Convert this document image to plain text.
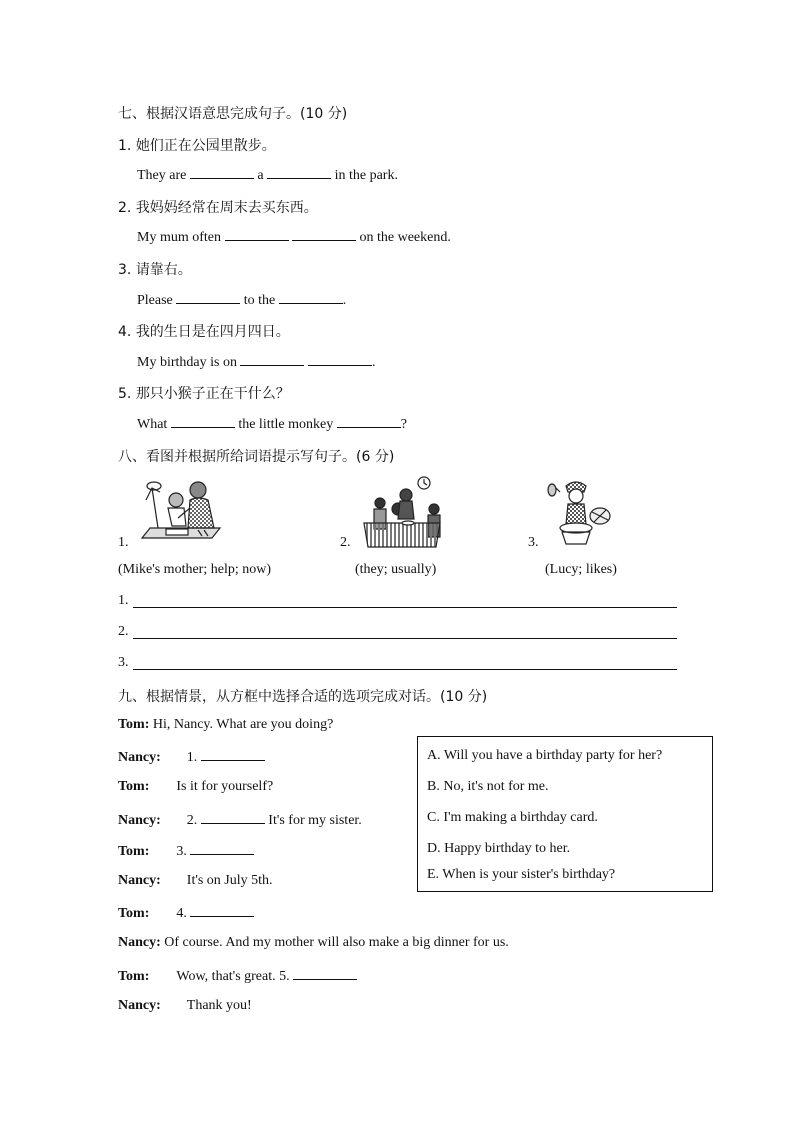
七、根据汉语意思完成句子。(10 分)
1. 她们正在公园里散步。
They are	a	in the park.
2. 我妈妈经常在周末去买东西。
My mum often	on the weekend.
3. 请靠右。
Please	to the	.
4. 我的生日是在四月四日。
My birthday is on	.
5. 那只小猴子正在干什么？
What	the little monkey	?
八、看图并根据所给词语提示写句子。(6 分)
1.
(Mike's mother; help; now)
2.
(they; usually)
3.
(Lucy; likes)
1.
2.
3.
九、根据情景，从方框中选择合适的选项完成对话。(10 分)
Tom: Hi, Nancy. What are you doing?
Nancy: 1.
Tom: Is it for yourself?
Nancy: 2.	It's for my sister.
Tom: 3.
Nancy: It's on July 5th.
Tom: 4.
Nancy: Of course. And my mother will also make a big dinner for us.
Tom: Wow, that's great. 5.
Nancy: Thank you!
A. Will you have a birthday party for her?
B. No, it's not for me.
C. I'm making a birthday card.
D. Happy birthday to her.
E. When is your sister's birthday?
